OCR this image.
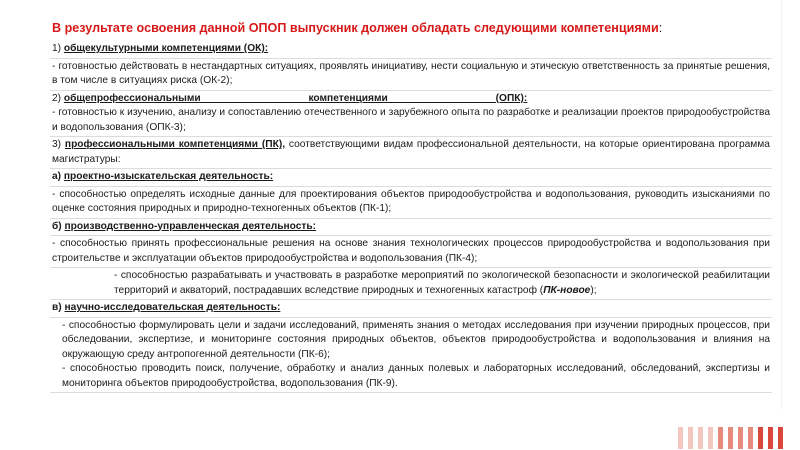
В результате освоения данной ОПОП выпускник должен обладать следующими компетенциями:
1) общекультурными компетенциями (ОК):
- готовностью действовать в нестандартных ситуациях, проявлять инициативу, нести социальную и этическую ответственность за принятые решения, в том числе в ситуациях риска (ОК-2);
2) общепрофессиональными компетенциями (ОПК):
- готовностью к изучению, анализу и сопоставлению отечественного и зарубежного опыта по разработке и реализации проектов природообустройства и водопользования (ОПК-3);
3) профессиональными компетенциями (ПК), соответствующими видам профессиональной деятельности, на которые ориентирована программа магистратуры:
а) проектно-изыскательская деятельность:
- способностью определять исходные данные для проектирования объектов природообустройства и водопользования, руководить изысканиями по оценке состояния природных и природно-техногенных объектов (ПК-1);
б) производственно-управленческая деятельность:
- способностью принять профессиональные решения на основе знания технологических процессов природообустройства и водопользования при строительстве и эксплуатации объектов природообустройства и водопользования (ПК-4);
- способностью разрабатывать и участвовать в разработке мероприятий по экологической безопасности и экологической реабилитации территорий и акваторий, пострадавших вследствие природных и техногенных катастроф (ПК-новое);
в) научно-исследовательская деятельность:
- способностью формулировать цели и задачи исследований, применять знания о методах исследования при изучении природных процессов, при обследовании, экспертизе, и мониторинге состояния природных объектов, объектов природообустройства и водопользования и влияния на окружающую среду антропогенной деятельности (ПК-6);
- способностью проводить поиск, получение, обработку и анализ данных полевых и лабораторных исследований, обследований, экспертизы и мониторинга объектов природообустройства, водопользования (ПК-9).
